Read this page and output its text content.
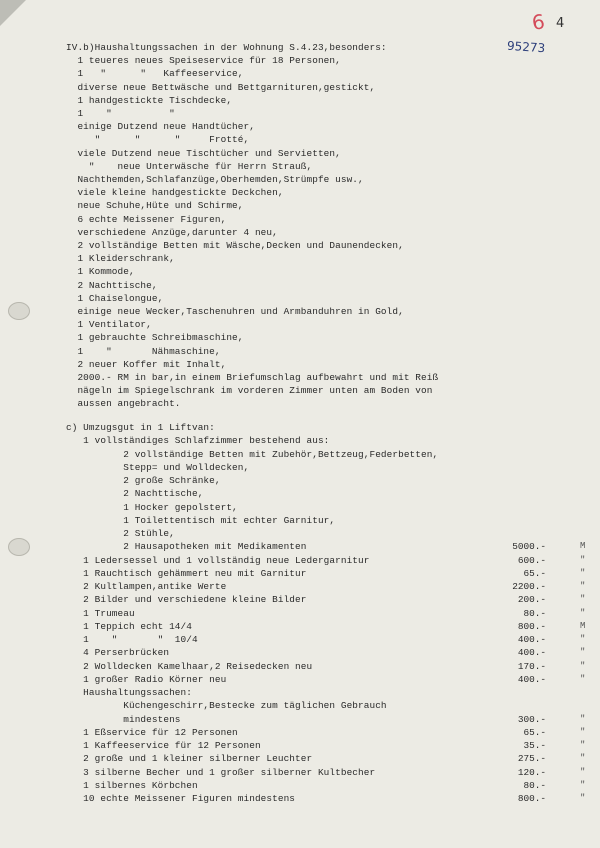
6 4
95273
IV.b)Haushaltungssachen in der Wohnung S.4.23,besonders:
1 teueres neues Speiseservice für 18 Personen,
1   "      "   Kaffeeservice,
diverse neue Bettwäsche und Bettgarnituren,gestickt,
1 handgestickte Tischdecke,
1    "          "
einige Dutzend neue Handtücher,
"      "      "     Frotté,
viele Dutzend neue Tischtücher und Servietten,
"    neue Unterwäsche für Herrn Strauß,
Nachthemden,Schlafanzüge,Oberhemden,Strümpfe usw.,
viele kleine handgestickte Deckchen,
neue Schuhe,Hüte und Schirme,
6 echte Meissener Figuren,
verschiedene Anzüge,darunter 4 neu,
2 vollständige Betten mit Wäsche,Decken und Daunendecken,
1 Kleiderschrank,
1 Kommode,
2 Nachttische,
1 Chaiselongue,
einige neue Wecker,Taschenuhren und Armbanduhren in Gold,
1 Ventilator,
1 gebrauchte Schreibmaschine,
1    "       Nähmaschine,
2 neuer Koffer mit Inhalt,
2000.- RM in bar,in einem Briefumschlag aufbewahrt und mit Reiß
nägeln im Spiegelschrank im vorderen Zimmer unten am Boden von
aussen angebracht.
c) Umzugsgut in 1 Liftvan:
1 vollständiges Schlafzimmer bestehend aus:
2 vollständige Betten mit Zubehör,Bettzeug,Federbetten,
Stepp= und Wolldecken,
2 große Schränke,
2 Nachttische,
1 Hocker gepolstert,
1 Toilettentisch mit echter Garnitur,
2 Stühle,
2 Hausapotheken mit Medikamenten	5000.-	M
1 Ledersessel und 1 vollständig neue Ledergarnitur	600.-	"
1 Rauchtisch gehämmert neu mit Garnitur	65.-	"
2 Kultlampen,antike Werte	2200.-	"
2 Bilder und verschiedene kleine Bilder	200.-	"
1 Trumeau	80.-	"
1 Teppich echt 14/4	800.-	M
1    "       "  10/4	400.-	"
4 Perserbrücken	400.-	"
2 Wolldecken Kamelhaar,2 Reisedecken neu	170.-	"
1 großer Radio Körner neu	400.-	"
Haushaltungssachen:
Küchengeschirr,Bestecke zum täglichen Gebrauch
mindestens	300.-	"
1 Eßservice für 12 Personen	65.-	"
1 Kaffeeservice für 12 Personen	35.-	"
2 große und 1 kleiner silberner Leuchter	275.-	"
3 silberne Becher und 1 großer silberner Kultbecher	120.-	"
1 silbernes Körbchen	80.-	"
10 echte Meissener Figuren mindestens	800.-	"
